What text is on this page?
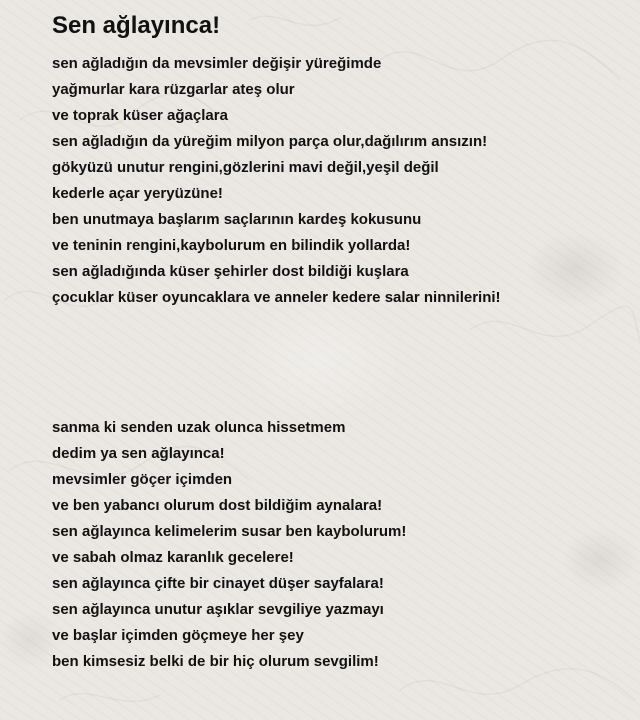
Sen ağlayınca!
sen ağladığın da mevsimler değişir yüreğimde
yağmurlar kara rüzgarlar ateş olur
ve toprak küser ağaçlara
sen ağladığın da yüreğim milyon parça olur,dağılırım ansızın!
gökyüzü unutur rengini,gözlerini mavi değil,yeşil değil
kederle açar yeryüzüne!
ben unutmaya başlarım saçlarının kardeş kokusunu
ve teninin rengini,kaybolurum en bilindik yollarda!
sen ağladığında küser şehirler dost bildiği kuşlara
çocuklar küser oyuncaklara ve anneler kedere salar ninnilerini!
sanma ki senden uzak olunca hissetmem
dedim ya sen ağlayınca!
mevsimler göçer içimden
ve ben yabancı olurum dost bildiğim aynalara!
sen ağlayınca kelimelerim susar ben kaybolurum!
ve sabah olmaz karanlık gecelere!
sen ağlayınca çifte bir cinayet düşer sayfalara!
sen ağlayınca unutur aşıklar sevgiliye yazmayı
ve başlar içimden göçmeye her şey
ben kimsesiz belki de bir hiç olurum sevgilim!
